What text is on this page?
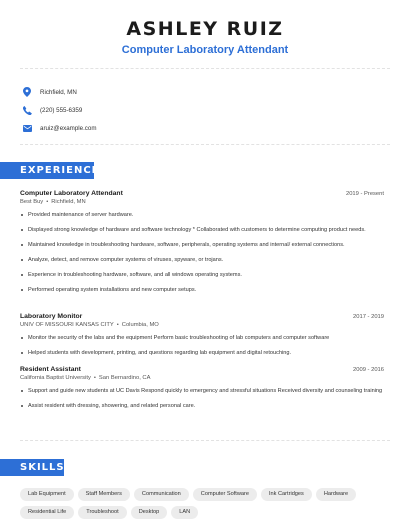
ASHLEY RUIZ
Computer Laboratory Attendant
Richfield, MN
(220) 555-6359
aruiz@example.com
EXPERIENCE
Computer Laboratory Attendant	2019 - Present
Best Buy • Richfield, MN
Provided maintenance of server hardware.
Displayed strong knowledge of hardware and software technology * Collaborated with customers to determine computing product needs.
Maintained knowledge in troubleshooting hardware, software, peripherals, operating systems and internal/ external connections.
Analyze, detect, and remove computer systems of viruses, spyware, or trojans.
Experience in troubleshooting hardware, software, and all windows operating systems.
Performed operating system installations and new computer setups.
Laboratory Monitor	2017 - 2019
UNIV OF MISSOURI KANSAS CITY • Columbia, MO
Monitor the security of the labs and the equipment Perform basic troubleshooting of lab computers and computer software
Helped students with development, printing, and questions regarding lab equipment and digital retouching.
Resident Assistant	2009 - 2016
California Baptist University • San Bernardino, CA
Support and guide new students at UC Davis Respond quickly to emergency and stressful situations Received diversity and counseling training
Assist resident with dressing, showering, and related personal care.
SKILLS
Lab Equipment	Staff Members	Communication	Computer Software	Ink Cartridges	Hardware
Residential Life	Troubleshoot	Desktop	LAN
